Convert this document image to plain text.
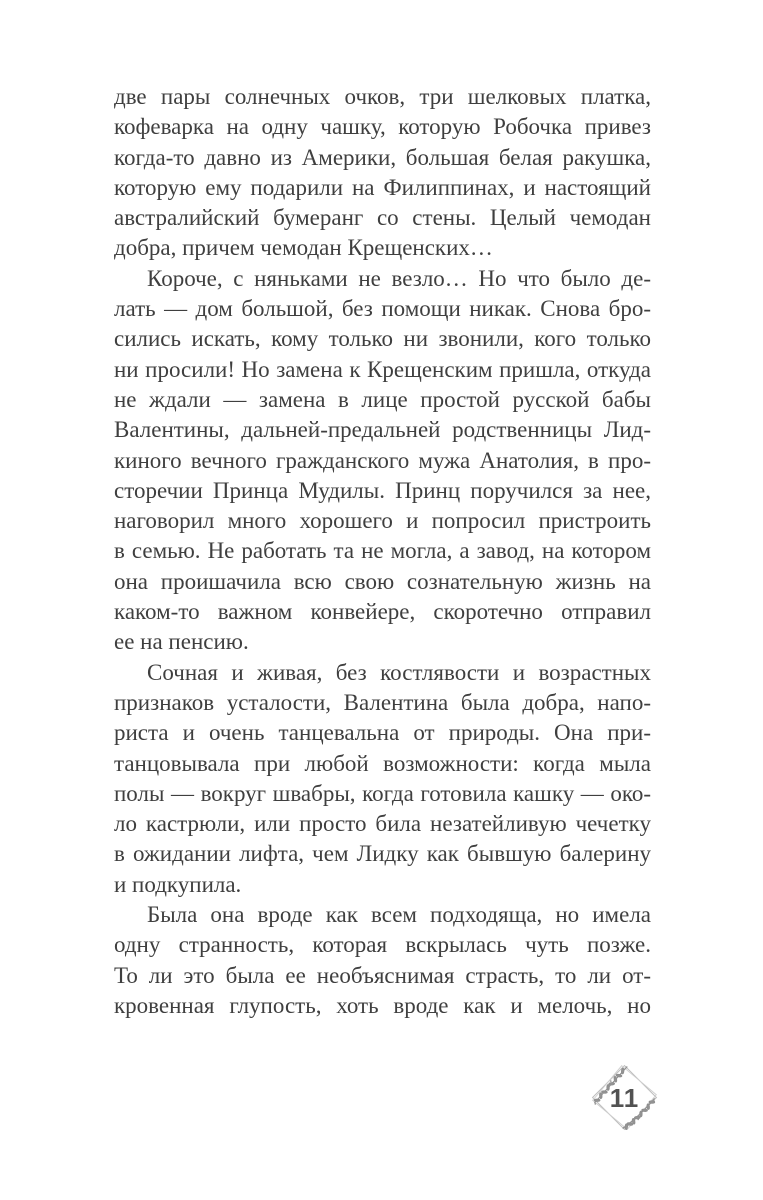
две пары солнечных очков, три шелковых платка,
кофеварка на одну чашку, которую Робочка привез
когда-то давно из Америки, большая белая ракушка,
которую ему подарили на Филиппинах, и настоящий
австралийский бумеранг со стены. Целый чемодан
добра, причем чемодан Крещенских…
Короче, с няньками не везло… Но что было де-
лать — дом большой, без помощи никак. Снова бро-
сились искать, кому только ни звонили, кого только
ни просили! Но замена к Крещенским пришла, откуда
не ждали — замена в лице простой русской бабы
Валентины, дальней-предальней родственницы Лид-
киного вечного гражданского мужа Анатолия, в про-
сторечии Принца Мудилы. Принц поручился за нее,
наговорил много хорошего и попросил пристроить
в семью. Не работать та не могла, а завод, на котором
она проишачила всю свою сознательную жизнь на
каком-то важном конвейере, скоротечно отправил
ее на пенсию.
Сочная и живая, без костлявости и возрастных
признаков усталости, Валентина была добра, напо-
риста и очень танцевальна от природы. Она при-
танцовывала при любой возможности: когда мыла
полы — вокруг швабры, когда готовила кашку — око-
ло кастрюли, или просто била незатейливую чечетку
в ожидании лифта, чем Лидку как бывшую балерину
и подкупила.
Была она вроде как всем подходяща, но имела
одну странность, которая вскрылась чуть позже.
То ли это была ее необъяснимая страсть, то ли от-
кровенная глупость, хоть вроде как и мелочь, но
11
